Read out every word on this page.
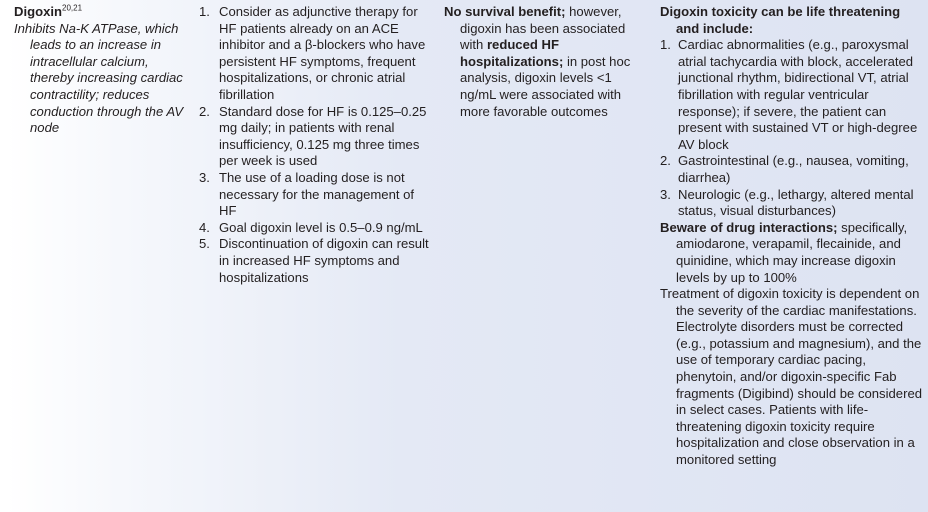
Digoxin$^{20,21}$
Inhibits Na-K ATPase, which leads to an increase in intracellular calcium, thereby increasing cardiac contractility; reduces conduction through the AV node
1. Consider as adjunctive therapy for HF patients already on an ACE inhibitor and a β-blockers who have persistent HF symptoms, frequent hospitalizations, or chronic atrial fibrillation
2. Standard dose for HF is 0.125–0.25 mg daily; in patients with renal insufficiency, 0.125 mg three times per week is used
3. The use of a loading dose is not necessary for the management of HF
4. Goal digoxin level is 0.5–0.9 ng/mL
5. Discontinuation of digoxin can result in increased HF symptoms and hospitalizations
No survival benefit; however, digoxin has been associated with reduced HF hospitalizations; in post hoc analysis, digoxin levels <1 ng/mL were associated with more favorable outcomes
Digoxin toxicity can be life threatening and include:
1. Cardiac abnormalities (e.g., paroxysmal atrial tachycardia with block, accelerated junctional rhythm, bidirectional VT, atrial fibrillation with regular ventricular response); if severe, the patient can present with sustained VT or high-degree AV block
2. Gastrointestinal (e.g., nausea, vomiting, diarrhea)
3. Neurologic (e.g., lethargy, altered mental status, visual disturbances)
Beware of drug interactions; specifically, amiodarone, verapamil, flecainide, and quinidine, which may increase digoxin levels by up to 100%
Treatment of digoxin toxicity is dependent on the severity of the cardiac manifestations. Electrolyte disorders must be corrected (e.g., potassium and magnesium), and the use of temporary cardiac pacing, phenytoin, and/or digoxin-specific Fab fragments (Digibind) should be considered in select cases. Patients with life-threatening digoxin toxicity require hospitalization and close observation in a monitored setting
